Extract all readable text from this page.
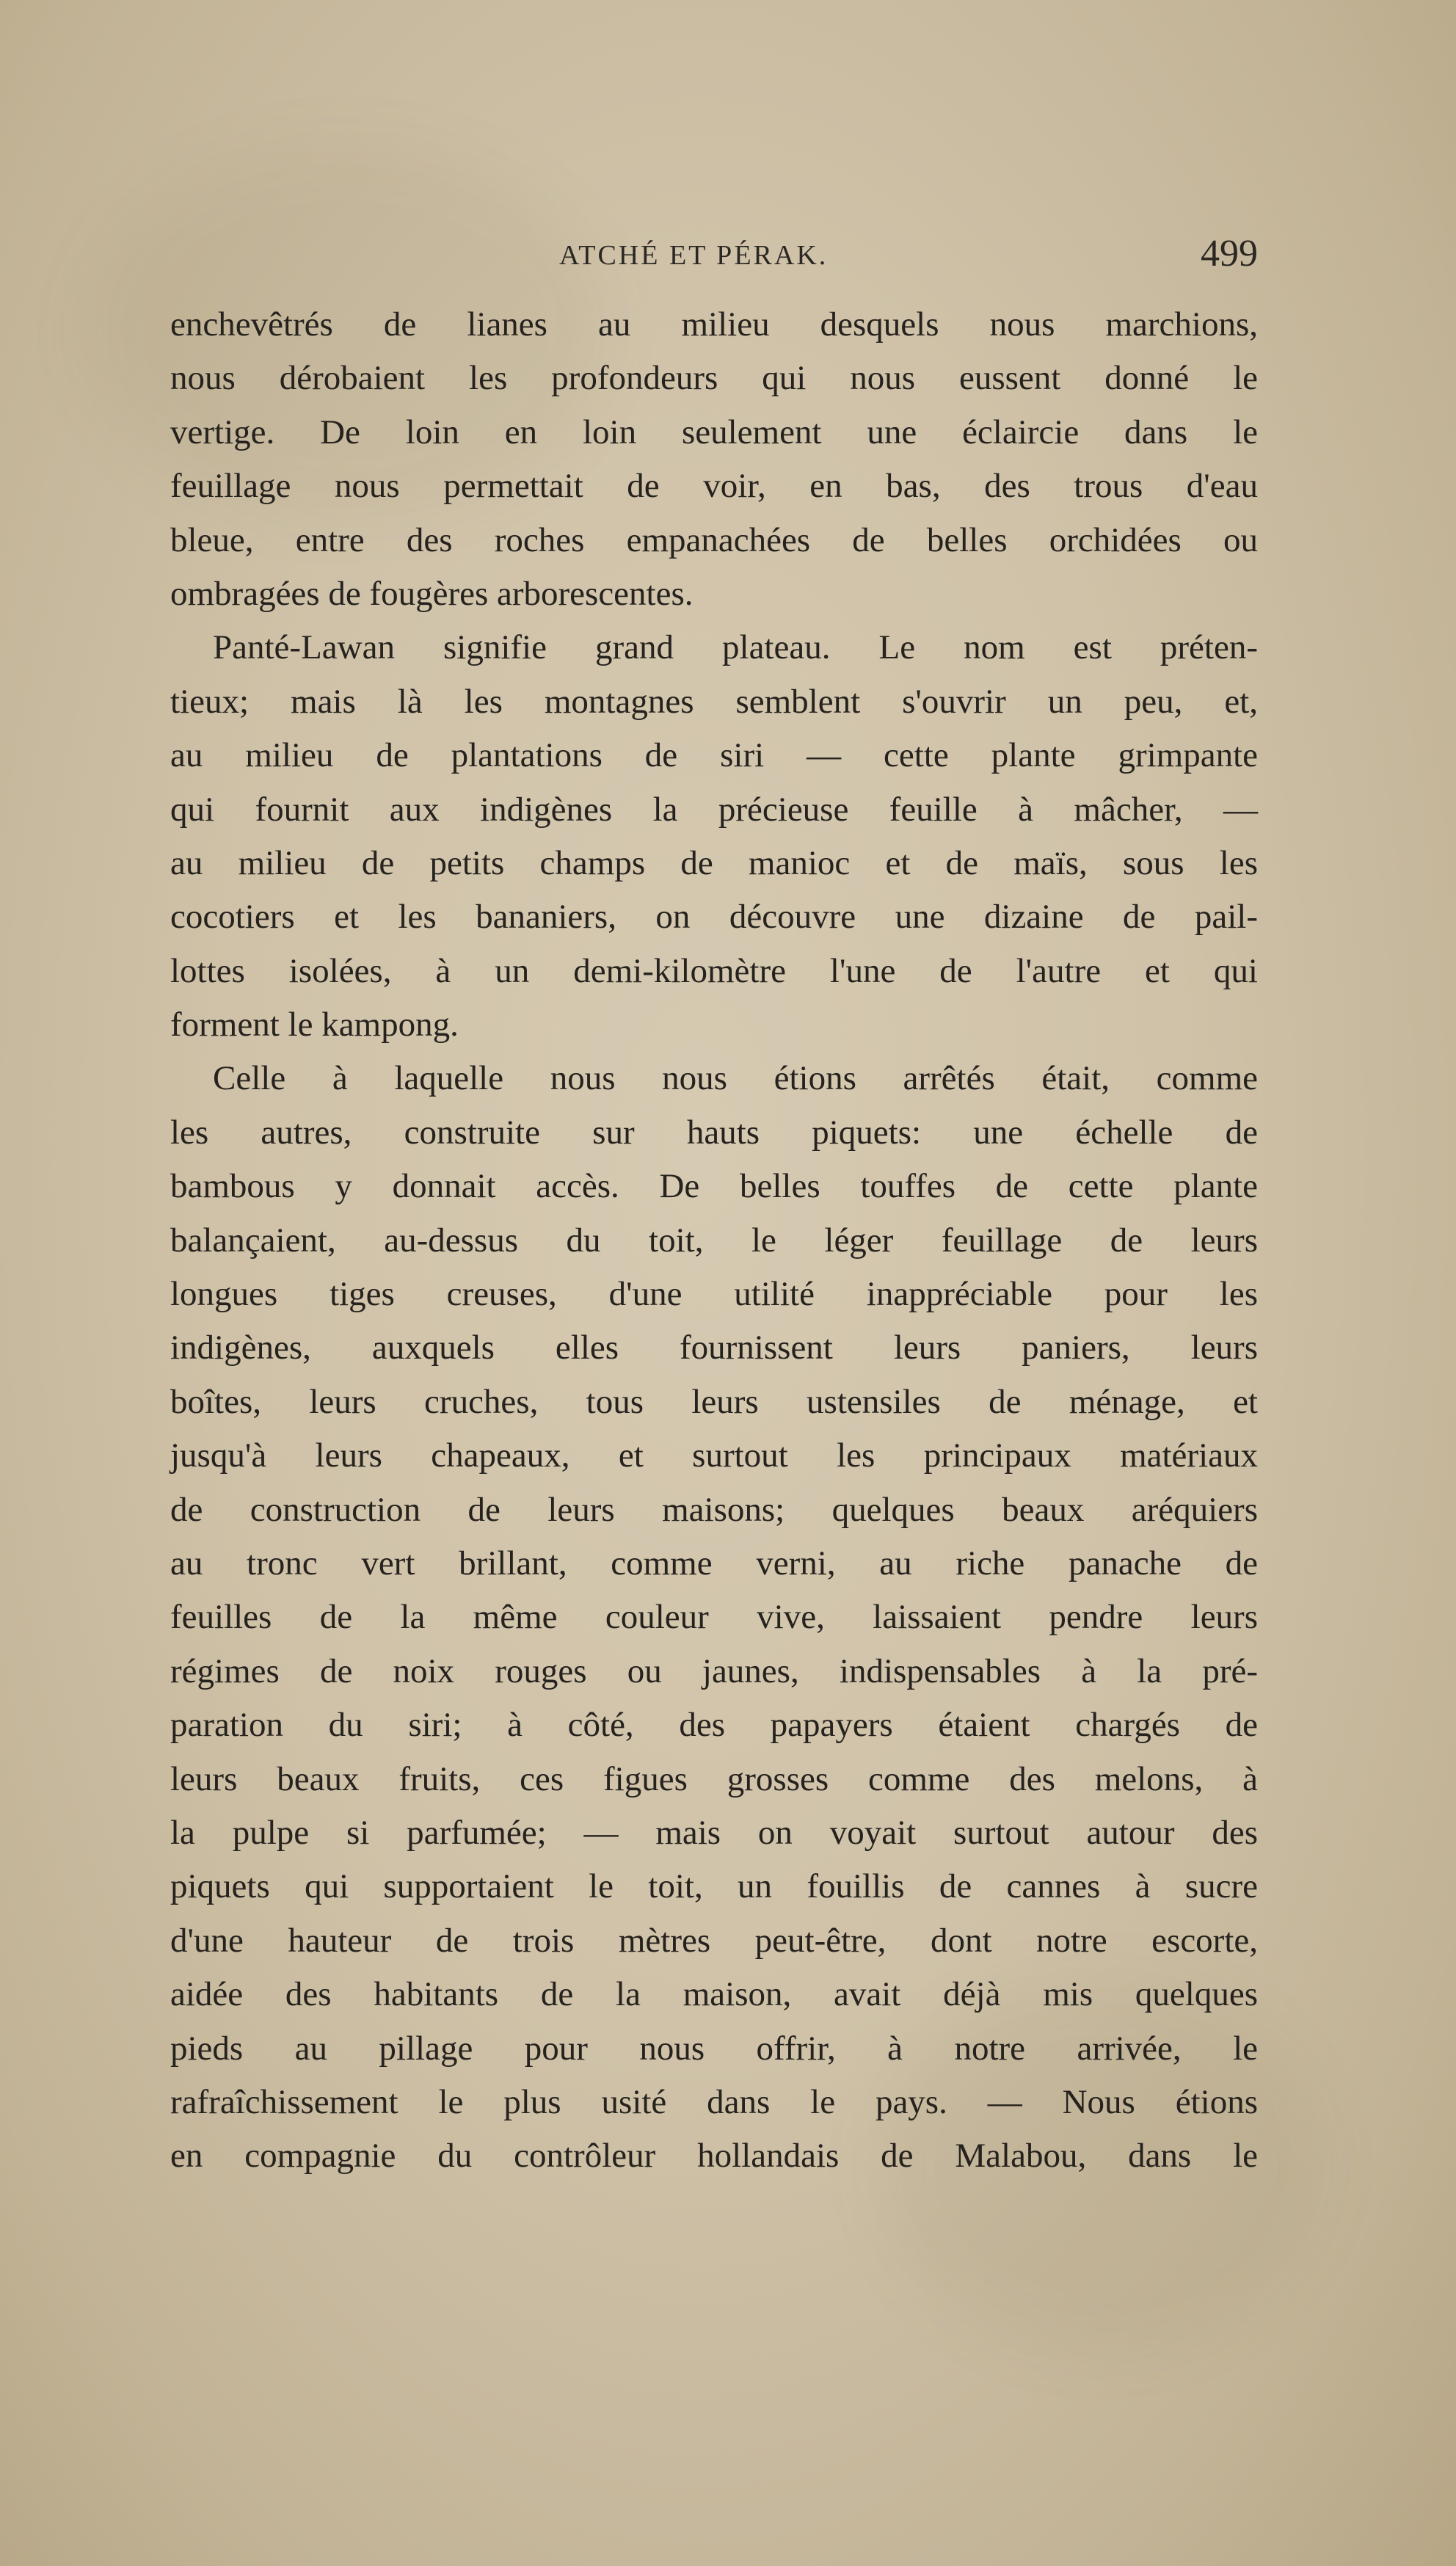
ATCHÉ ET PÉRAK.	499
enchevêtrés de lianes au milieu desquels nous marchions,
nous dérobaient les profondeurs qui nous eussent donné le
vertige. De loin en loin seulement une éclaircie dans le
feuillage nous permettait de voir, en bas, des trous d'eau
bleue, entre des roches empanachées de belles orchidées ou
ombragées de fougères arborescentes.
Panté-Lawan signifie grand plateau. Le nom est préten-
tieux; mais là les montagnes semblent s'ouvrir un peu, et,
au milieu de plantations de siri — cette plante grimpante
qui fournit aux indigènes la précieuse feuille à mâcher, —
au milieu de petits champs de manioc et de maïs, sous les
cocotiers et les bananiers, on découvre une dizaine de pail-
lottes isolées, à un demi-kilomètre l'une de l'autre et qui
forment le kampong.
Celle à laquelle nous nous étions arrêtés était, comme
les autres, construite sur hauts piquets: une échelle de
bambous y donnait accès. De belles touffes de cette plante
balançaient, au-dessus du toit, le léger feuillage de leurs
longues tiges creuses, d'une utilité inappréciable pour les
indigènes, auxquels elles fournissent leurs paniers, leurs
boîtes, leurs cruches, tous leurs ustensiles de ménage, et
jusqu'à leurs chapeaux, et surtout les principaux matériaux
de construction de leurs maisons; quelques beaux aréquiers
au tronc vert brillant, comme verni, au riche panache de
feuilles de la même couleur vive, laissaient pendre leurs
régimes de noix rouges ou jaunes, indispensables à la pré-
paration du siri; à côté, des papayers étaient chargés de
leurs beaux fruits, ces figues grosses comme des melons, à
la pulpe si parfumée; — mais on voyait surtout autour des
piquets qui supportaient le toit, un fouillis de cannes à sucre
d'une hauteur de trois mètres peut-être, dont notre escorte,
aidée des habitants de la maison, avait déjà mis quelques
pieds au pillage pour nous offrir, à notre arrivée, le
rafraîchissement le plus usité dans le pays. — Nous étions
en compagnie du contrôleur hollandais de Malabou, dans le
